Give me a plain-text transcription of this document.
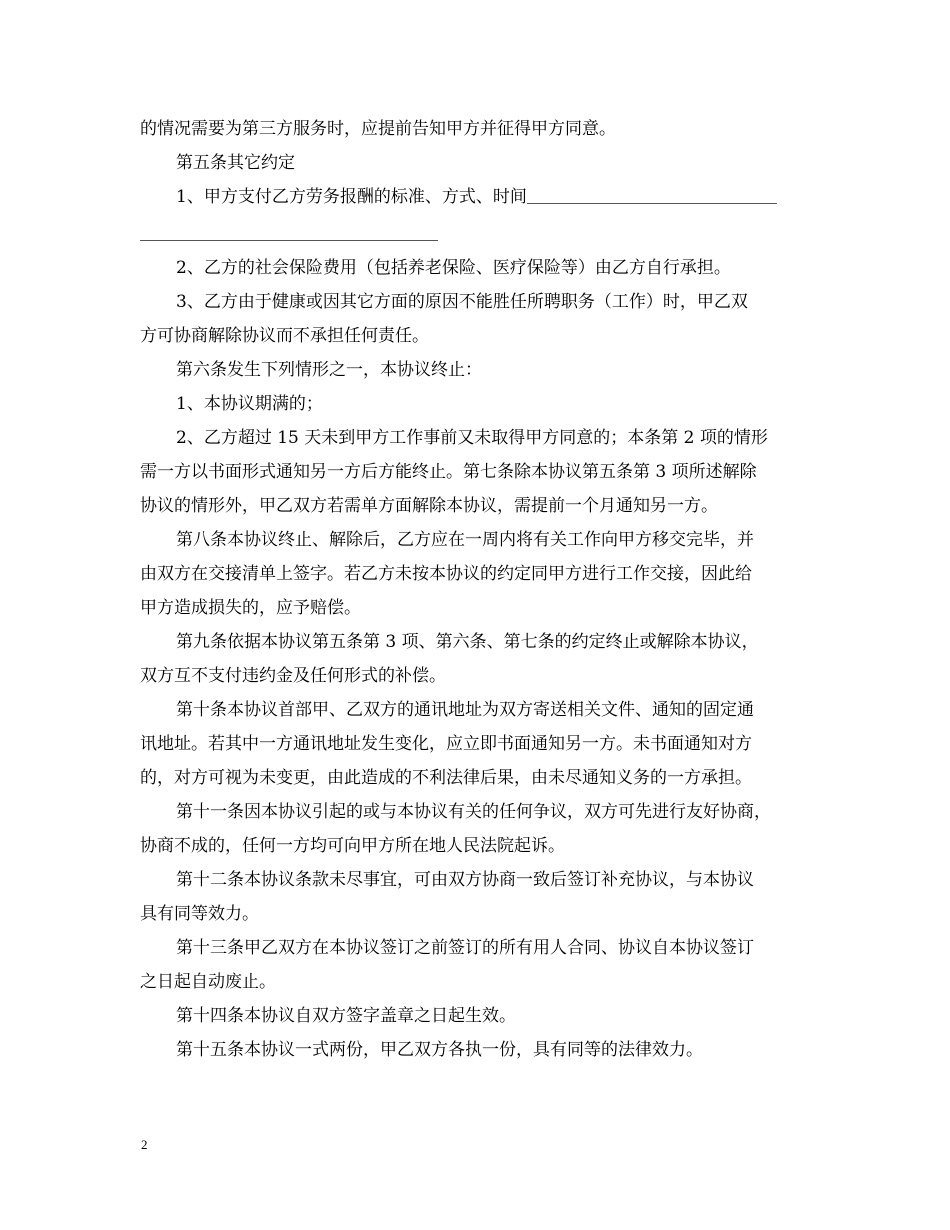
的情况需要为第三方服务时，应提前告知甲方并征得甲方同意。
第五条其它约定
1、甲方支付乙方劳务报酬的标准、方式、时间
2、乙方的社会保险费用（包括养老保险、医疗保险等）由乙方自行承担。
3、乙方由于健康或因其它方面的原因不能胜任所聘职务（工作）时，甲乙双
方可协商解除协议而不承担任何责任。
第六条发生下列情形之一，本协议终止：
1、本协议期满的；
2、乙方超过 15 天未到甲方工作事前又未取得甲方同意的；本条第 2 项的情形
需一方以书面形式通知另一方后方能终止。第七条除本协议第五条第 3 项所述解除
协议的情形外，甲乙双方若需单方面解除本协议，需提前一个月通知另一方。
第八条本协议终止、解除后，乙方应在一周内将有关工作向甲方移交完毕，并
由双方在交接清单上签字。若乙方未按本协议的约定同甲方进行工作交接，因此给
甲方造成损失的，应予赔偿。
第九条依据本协议第五条第 3 项、第六条、第七条的约定终止或解除本协议，
双方互不支付违约金及任何形式的补偿。
第十条本协议首部甲、乙双方的通讯地址为双方寄送相关文件、通知的固定通
讯地址。若其中一方通讯地址发生变化，应立即书面通知另一方。未书面通知对方
的，对方可视为未变更，由此造成的不利法律后果，由未尽通知义务的一方承担。
第十一条因本协议引起的或与本协议有关的任何争议，双方可先进行友好协商，
协商不成的，任何一方均可向甲方所在地人民法院起诉。
第十二条本协议条款未尽事宜，可由双方协商一致后签订补充协议，与本协议
具有同等效力。
第十三条甲乙双方在本协议签订之前签订的所有用人合同、协议自本协议签订
之日起自动废止。
第十四条本协议自双方签字盖章之日起生效。
第十五条本协议一式两份，甲乙双方各执一份，具有同等的法律效力。
2
